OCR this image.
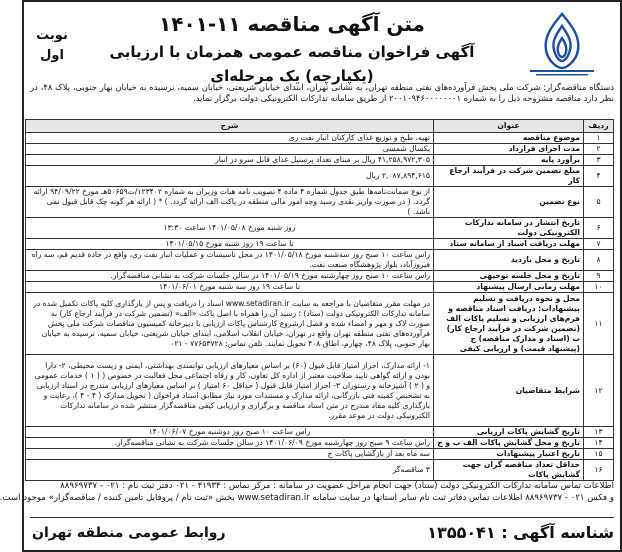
متن آگهی مناقصه ۱۱-۱۴۰۱
آگهی فراخوان مناقصه عمومی همزمان با ارزیابی (یکپارچه) یک مرحله‌ای
نوبت
اول
دستگاه مناقصه‌گزار: شرکت ملی پخش فرآورده‌های نفتی منطقه تهران، به نشانی تهران، ابتدای خیابان شریعتی، خیابان سمیه، نرسیده به خیابان بهار جنوبی، پلاک ۴۸، در نظر دارد مناقصه مشروحه ذیل را به شماره ۲۰۰۱۰۹۴۶۰۰۰۰۰۰۰۱ از طریق سامانه تدارکات الکترونیکی دولت برگزار نماید.
ردیف	عنوان	شرح
۱	موضوع مناقصه	تهیه، طبخ و توزیع غذای کارکنان انبار نفت ری
۲	مدت اجرای قرارداد	یکسال شمسی
۳	برآورد پایه	۴۱,۲۵۸,۹۷۲,۳۰۵ ریال بر مبنای تعداد پرسنیل غذای قابل سرو در انبار
۴	مبلغ تضمین شرکت در فرآیند ارجاع کار	۲,۰۸۷,۸۹۴,۶۱۵ ریال
۵	نوع تضمین	از نوع ضمانت‌نامه‌ها طبق جدول شماره ۴ ماده ۴ تصویب نامه هیات وزیران به شماره ۱۲۳۴۰۲/ت۵۰۶۵۹هـ مورخ ۹۴/۰۹/۲۲ ارائه گردد. ( در صورت واریز نقدی رسید وجه امور مالی منطقه در پاکت الف ارائه گردد. ) * ( ارائه هر گونه چک قابل قبول نمی باشد. )
۶	تاریخ انتشار در سامانه تدارکات الکترونیکی دولت	روز شنبه مورخ ۱۴۰۱/۰۵/۰۸ ساعت ۱۳:۳۰
۷	مهلت دریافت اسناد از سامانه ستاد	تا ساعت ۱۹ روز شنبه مورخ ۱۴۰۱/۰۵/۱۵
۸	تاریخ و محل بازدید	راس ساعت ۱۰ صبح روز سه‌شنبه مورخ ۱۴۰۱/۰۵/۱۸ در محل تاسیسات و عملیات انبار نفت ری، واقع در جاده قدیم قم، سه راه فیروزآباد، بلوار پژوهشگاه صنعت نفت.
۹	تاریخ و محل جلسه توجیهی	راس ساعت ۱۰ صبح روز چهارشنبه مورخ ۱۴۰۱/۰۵/۱۹ در سالن جلسات شرکت به نشانی مناقصه‌گزار.
۱۰	مهلت زمانی ارسال پیشنهاد	تا ساعت ۱۹ روز سه شنبه مورخ ۱۴۰۱/۰۶/۰۱
۱۱	محل و نحوه دریافت و تسلیم پیشنهادات: دریافت اسناد مناقصه و فرم‌های ارزیابی و تسلیم پاکات الف (تضمین شرکت در فرآیند ارجاع کار) ب (اسناد و مدارک مناقصه) ج (پیشنهاد قیمت) و ارزیابی کیفی	در مهلت مقرر متقاضیان با مراجعه به سایت www.setadiran.ir اسناد را دریافت و پس از بارگذاری کلیه پاکات تکمیل شده در سامانه تدارکات الکترونیکی دولت (ستاد) ؛ رسید آن را همراه با اصل پاکت «الف» (تضمین شرکت در فرآیند ارجاع کار) به صورت لاک و مهر و امضاء شده و فصل ارشروع کارشناس پاکات ارزیابی با دبیرخانه کمیسیون مناقصات شرکت ملی پخش فرآورده‌های نفتی منطقه تهران واقع در تهران، خیابان انقلاب اسلامی، ابتدای خیابان شریعتی، خیابان سمیه، نرسیده به خیابان بهار جنوبی، پلاک ۴۸، چهارم، اطاق ۴۰۸ تحویل نمایند. تلفن تماس: ۷۷۶۵۳۷۲۸ - ۰۲۱
۱۲	شرایط متقاضیان	۱- ارائه مدارک، احراز امتیاز قابل قبول (۶۰) بر اساس معیارهای ارزیابی توانمندی بهداشتی، ایمنی و زیست محیطی، ۲- دارا بودن و ارائه گواهی تایید صلاحیت معتبر از اداره کل تعاون، کار و رفاه اجتماعی محل فعالیت در خصوص ( ( ۱ ) خدمات عمومی و ( ۲ ) آشپزخانه و رستوران ۳- احراز امتیاز قابل قبول ( حداقل ۶۰ امتیاز ) بر اساس معیارهای ارزیابی مندرج در اسناد ارزیابی به تشخیص کمیته فنی بازرگانی، ارائه مدارک و مستندات مورد نیاز مطابق اسناد فراخوان ( تحویل مدارک ( ۴ - ۴ )، رعایت و بارگذاری کلیه مفاد مندرج در متن اسناد مناقصه و برگزاری و ارزیابی کیفی مناقصه‌گزار منتشر شده در سامانه تدارکات الکترونیکی دولت در موعد مقرر.
۱۳	تاریخ گشایش پاکات ارزیابی	راس ساعت ۱۰ صبح روز دوشنبه مورخ ۱۴۰۱/۰۶/۰۷
۱۴	تاریخ و محل گشایش پاکات الف ب و ج	راس ساعت ۹ صبح روز چهارشنبه مورخ ۱۴۰۱/۰۶/۰۹ در سالن جلسات شرکت به نشانی مناقصه‌گزار.
۱۵	تاریخ اعتبار پیشنهادات	سه ماه بعد از بازگشایی پاکات ج
۱۶	حداقل تعداد مناقصه گران جهت گشایش پاکات	۳ مناقصه‌گر
اطلاعات تماس سامانه تدارکات الکترونیکی دولت (ستاد) جهت انجام مراحل عضویت در سامانه : مرکز تماس : ۴۱۹۳۴ - ۰۲۱ دفتر ثبت نام : ۰۲۱ - ۸۸۹۶۹۷۳۷
و فکس ۰۲۱ - ۸۸۹۶۹۷۳۷ اطلاعات تماس دفاتر ثبت نام سایر استانها در سایت سامانه www.setadiran.ir بخش «ثبت نام / پروفایل تامین کننده / مناقصه‌گزار» موجود است.
شناسه آگهی : ۱۳۵۵۰۴۱
روابط عمومی منطقه تهران
